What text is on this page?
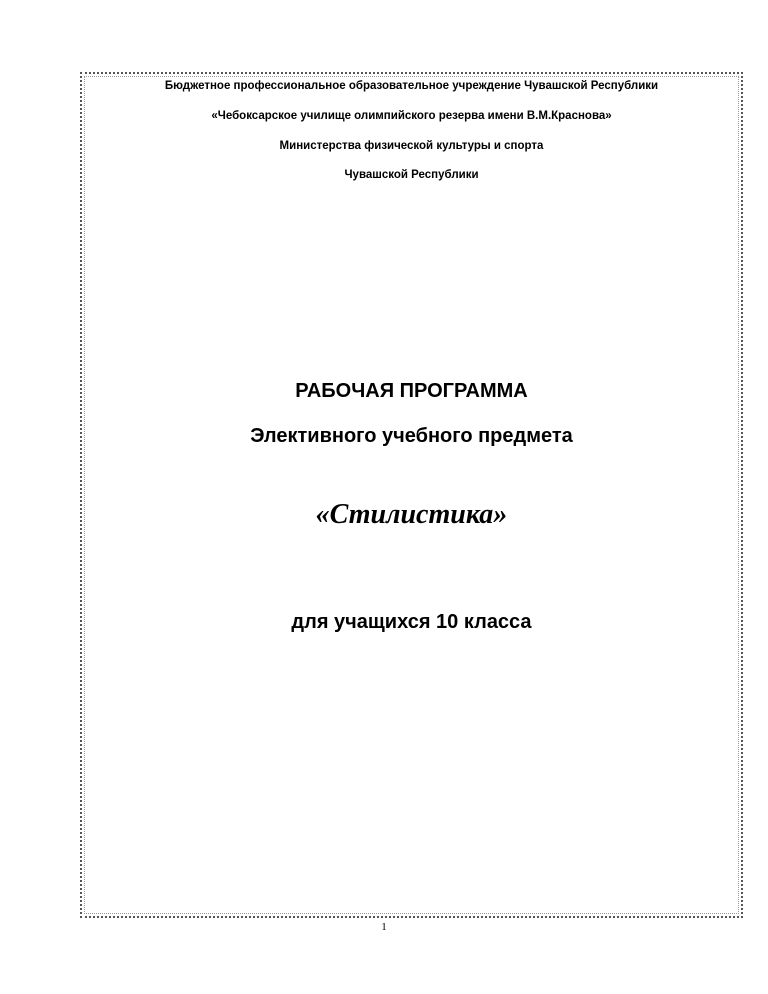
Бюджетное профессиональное образовательное учреждение Чувашской Республики
«Чебоксарское училище олимпийского резерва имени В.М.Краснова»
Министерства физической культуры и спорта
Чувашской Республики
РАБОЧАЯ ПРОГРАММА
Элективного учебного предмета
«Стилистика»
для учащихся 10 класса
1
